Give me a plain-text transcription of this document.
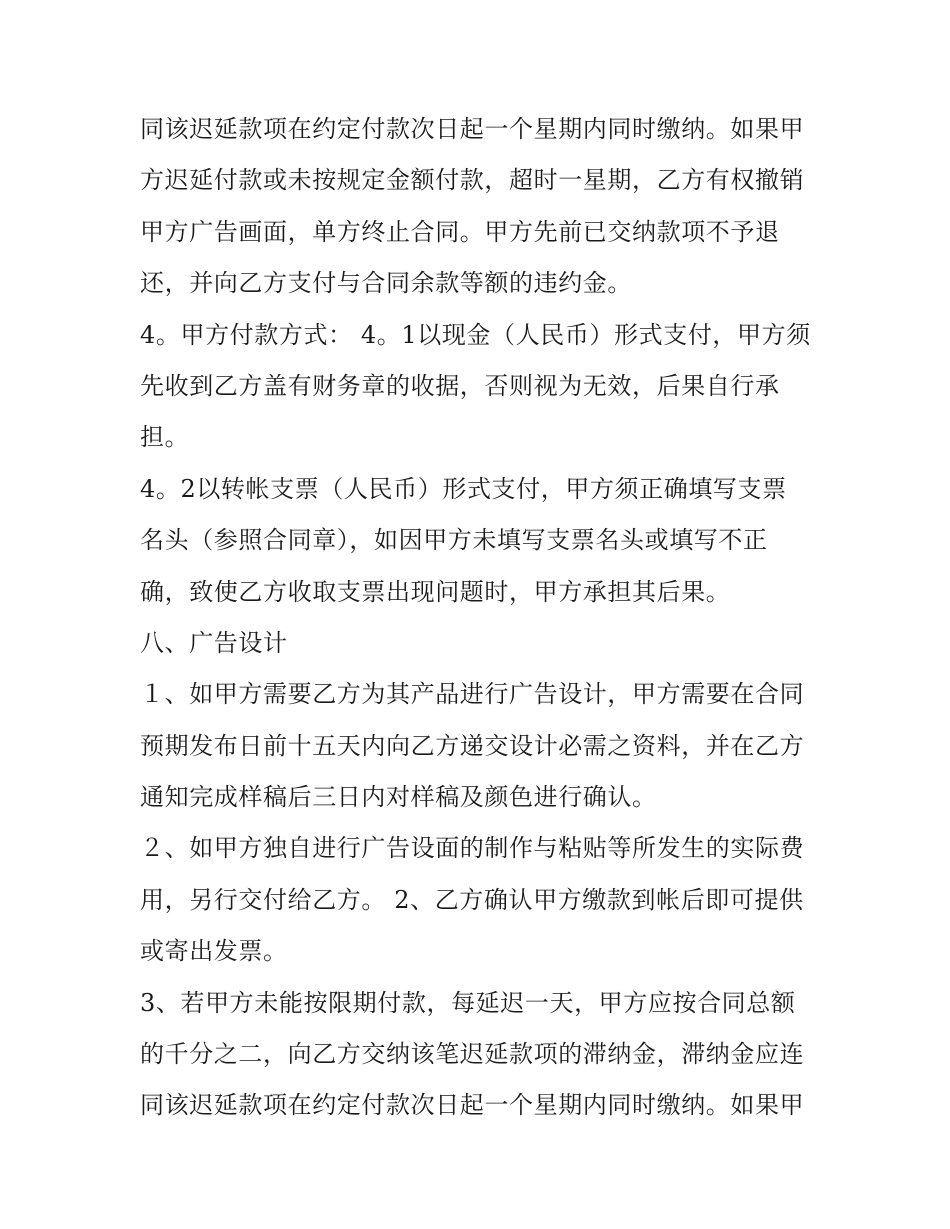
同该迟延款项在约定付款次日起一个星期内同时缴纳。如果甲
方迟延付款或未按规定金额付款，超时一星期，乙方有权撤销
甲方广告画面，单方终止合同。甲方先前已交纳款项不予退
还，并向乙方支付与合同余款等额的违约金。
4。甲方付款方式： 4。1以现金（人民币）形式支付，甲方须
先收到乙方盖有财务章的收据，否则视为无效，后果自行承
担。
4。2以转帐支票（人民币）形式支付，甲方须正确填写支票
名头（参照合同章），如因甲方未填写支票名头或填写不正
确，致使乙方收取支票出现问题时，甲方承担其后果。
八、广告设计
１、如甲方需要乙方为其产品进行广告设计，甲方需要在合同
预期发布日前十五天内向乙方递交设计必需之资料，并在乙方
通知完成样稿后三日内对样稿及颜色进行确认。
２、如甲方独自进行广告设面的制作与粘贴等所发生的实际费
用，另行交付给乙方。 2、乙方确认甲方缴款到帐后即可提供
或寄出发票。
3、若甲方未能按限期付款，每延迟一天，甲方应按合同总额
的千分之二，向乙方交纳该笔迟延款项的滞纳金，滞纳金应连
同该迟延款项在约定付款次日起一个星期内同时缴纳。如果甲
